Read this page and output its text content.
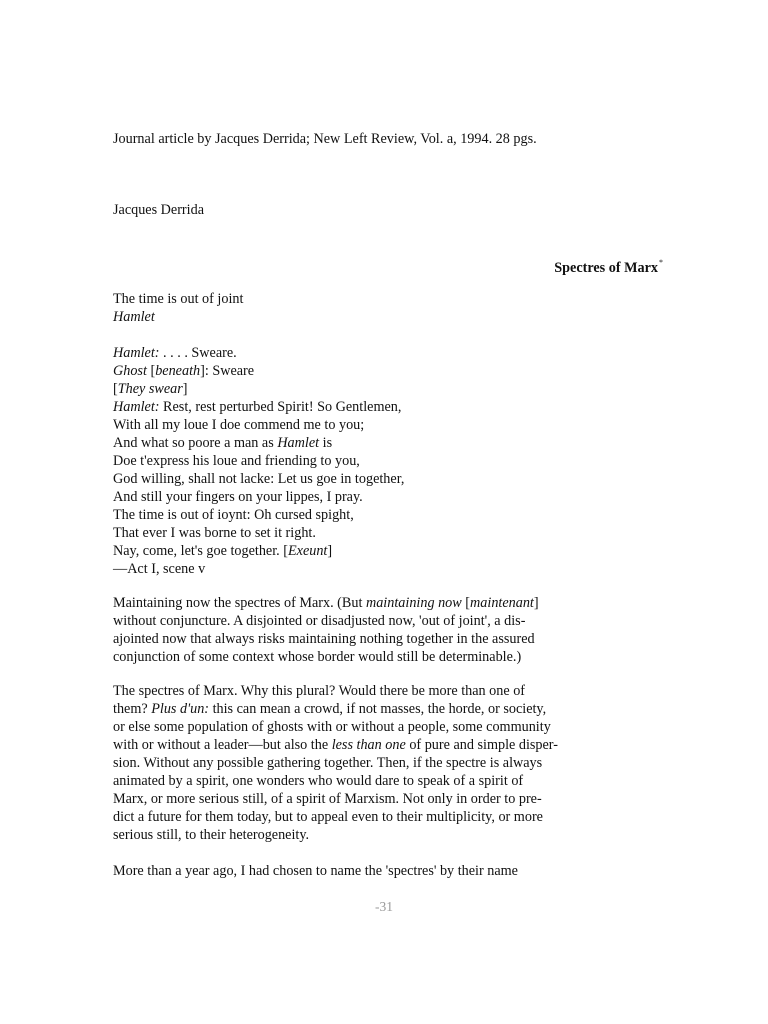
Journal article by Jacques Derrida; New Left Review, Vol. a, 1994. 28 pgs.

Jacques Derrida

Spectres of Marx*

The time is out of joint

Hamlet

Hamlet: . . . . Sweare.

Ghost [beneath]: Sweare

[They swear]

Hamlet: Rest, rest perturbed Spirit! So Gentlemen,

With all my loue I doe commend me to you;

And what so poore a man as Hamlet is

Doe t'express his loue and friending to you,

God willing, shall not lacke: Let us goe in together,

And still your fingers on your lippes, I pray.

The time is out of ioynt: Oh cursed spight,

That ever I was borne to set it right.

Nay, come, let's goe together. [Exeunt]

—Act I, scene v

Maintaining now the spectres of Marx. (But maintaining now [maintenant]

without conjuncture. A disjointed or disadjusted now, 'out of joint', a dis-

ajointed now that always risks maintaining nothing together in the assured

conjunction of some context whose border would still be determinable.)

The spectres of Marx. Why this plural? Would there be more than one of

them? Plus d'un: this can mean a crowd, if not masses, the horde, or society,

or else some population of ghosts with or without a people, some community

with or without a leader—but also the less than one of pure and simple disper-

sion. Without any possible gathering together. Then, if the spectre is always

animated by a spirit, one wonders who would dare to speak of a spirit of

Marx, or more serious still, of a spirit of Marxism. Not only in order to pre-

dict a future for them today, but to appeal even to their multiplicity, or more

serious still, to their heterogeneity.

More than a year ago, I had chosen to name the 'spectres' by their name

-31
